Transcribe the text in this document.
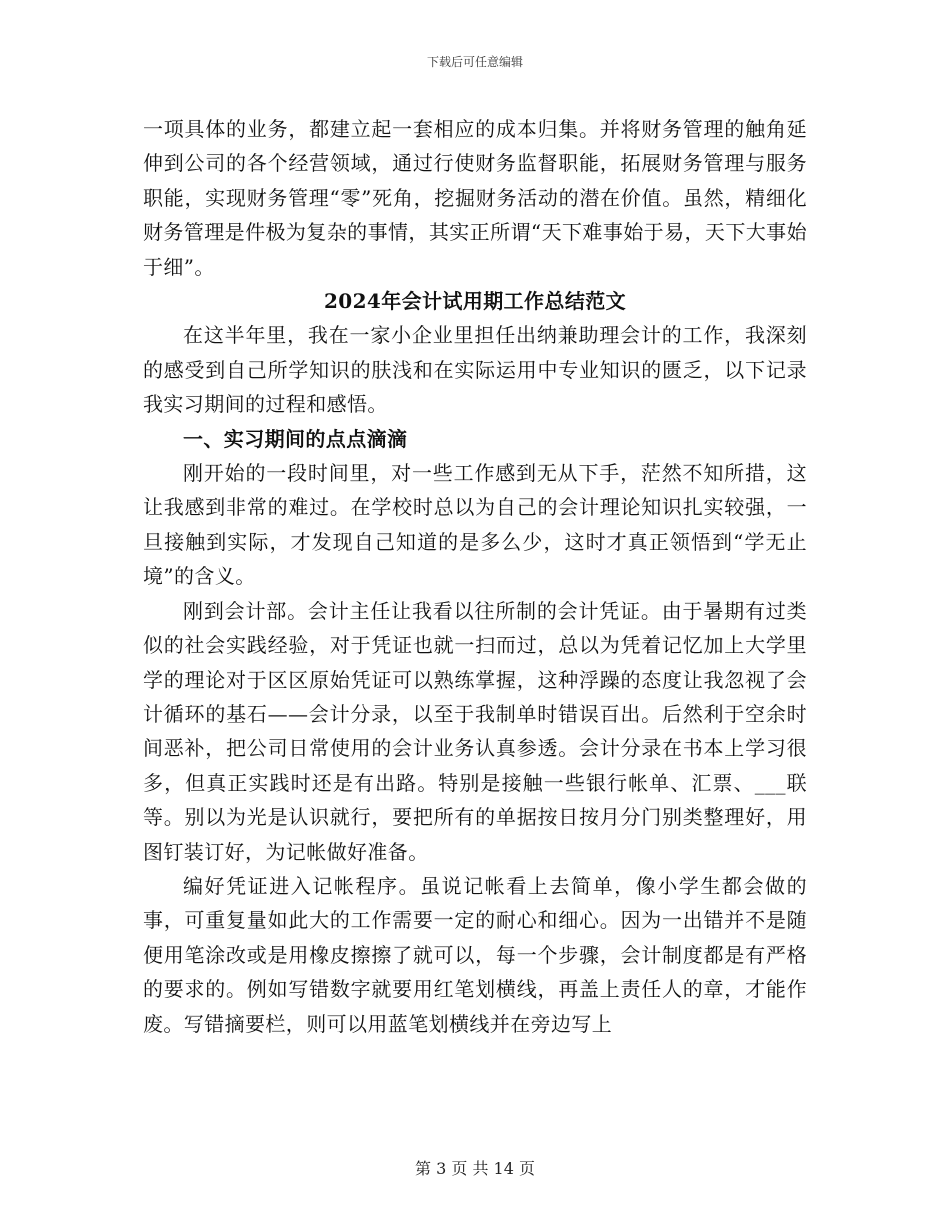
下载后可任意编辑

一项具体的业务，都建立起一套相应的成本归集。并将财务管理的触角延伸到公司的各个经营领域，通过行使财务监督职能，拓展财务管理与服务职能，实现财务管理“零”死角，挖掘财务活动的潜在价值。虽然，精细化财务管理是件极为复杂的事情，其实正所谓“天下难事始于易，天下大事始于细”。

2024年会计试用期工作总结范文

在这半年里，我在一家小企业里担任出纳兼助理会计的工作，我深刻的感受到自己所学知识的肤浅和在实际运用中专业知识的匮乏，以下记录我实习期间的过程和感悟。

一、实习期间的点点滴滴

刚开始的一段时间里，对一些工作感到无从下手，茫然不知所措，这让我感到非常的难过。在学校时总以为自己的会计理论知识扎实较强，一旦接触到实际，才发现自己知道的是多么少，这时才真正领悟到“学无止境”的含义。

刚到会计部。会计主任让我看以往所制的会计凭证。由于暑期有过类似的社会实践经验，对于凭证也就一扫而过，总以为凭着记忆加上大学里学的理论对于区区原始凭证可以熟练掌握，这种浮躁的态度让我忽视了会计循环的基石——会计分录，以至于我制单时错误百出。后然利于空余时间恶补，把公司日常使用的会计业务认真参透。会计分录在书本上学习很多，但真正实践时还是有出路。特别是接触一些银行帐单、汇票、___联等。别以为光是认识就行，要把所有的单据按日按月分门别类整理好，用图钉装订好，为记帐做好准备。

编好凭证进入记帐程序。虽说记帐看上去简单，像小学生都会做的事，可重复量如此大的工作需要一定的耐心和细心。因为一出错并不是随便用笔涂改或是用橡皮擦擦了就可以，每一个步骤，会计制度都是有严格的要求的。例如写错数字就要用红笔划横线，再盖上责任人的章，才能作废。写错摘要栏，则可以用蓝笔划横线并在旁边写上

第 3 页 共 14 页
